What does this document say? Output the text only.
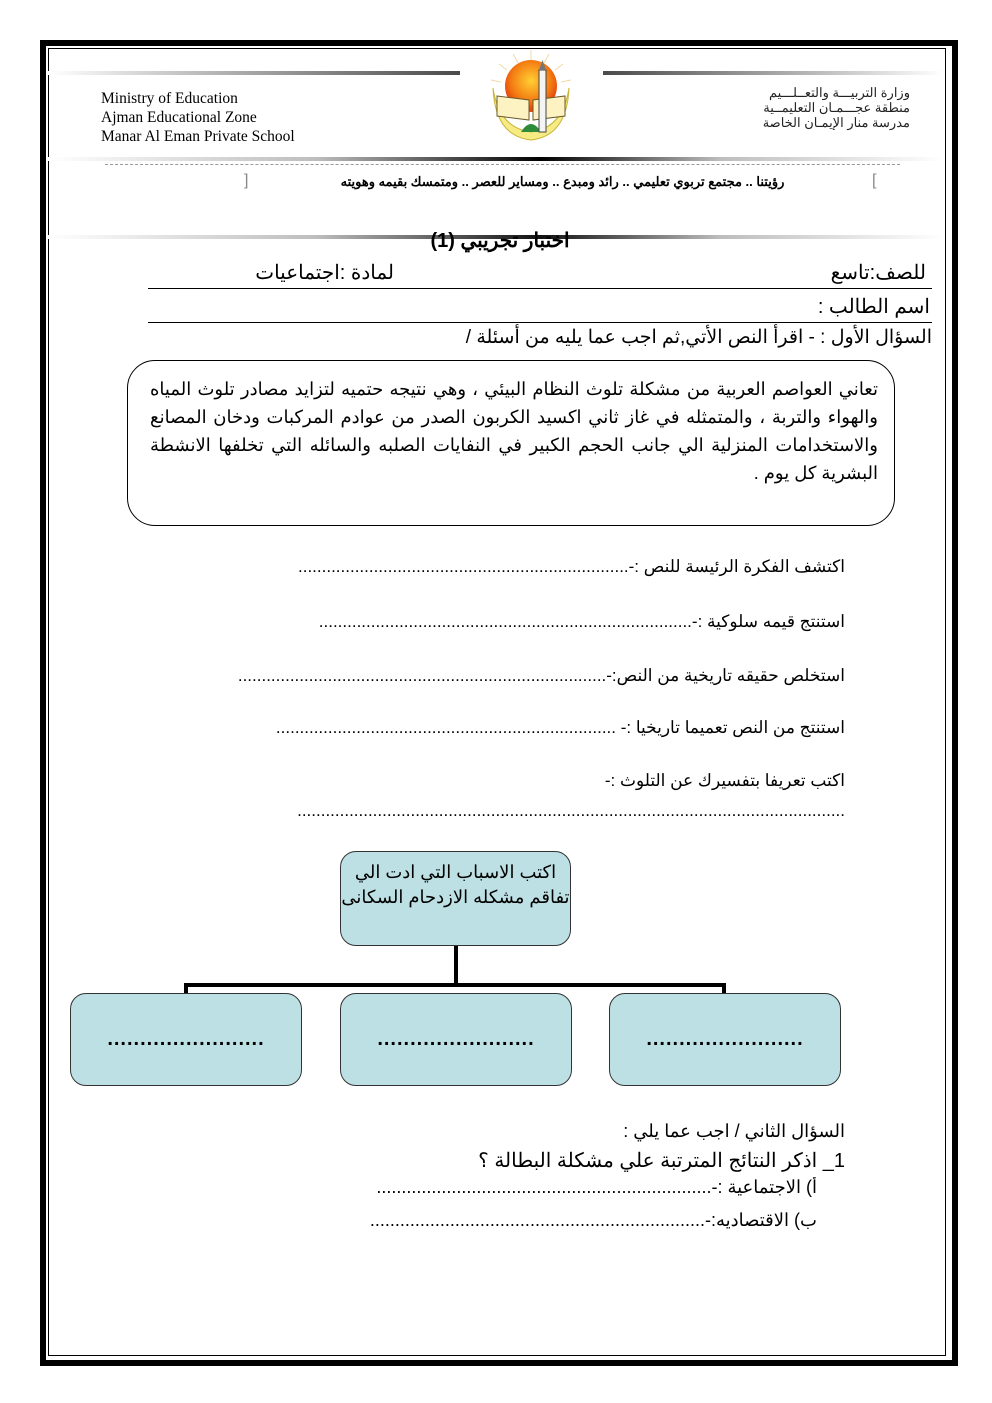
Ministry of Education
Ajman Educational Zone
Manar Al Eman Private School
وزارة التربيـــة والتعــلـــيم
منطقة عجـــمـان التعليمــية
مدرسة منار الإيمـان الخاصة
[
رؤيتنا .. مجتمع تربوي تعليمي .. رائد ومبدع .. ومساير للعصر .. ومتمسك بقيمه وهويته
]
اختبار تجريبي (1)
للصف:تاسع
لمادة :اجتماعيات
اسم الطالب :
السؤال الأول : - اقرأ النص الأتي,ثم اجب عما يليه من أسئلة /
تعاني العواصم العربية من مشكلة تلوث النظام البيئي ، وهي نتيجه حتميه لتزايد مصادر تلوث المياه والهواء والتربة ، والمتمثله في غاز ثاني اكسيد الكربون الصدر من عوادم المركبات ودخان المصانع والاستخدامات المنزلية الي جانب الحجم الكبير في النفايات الصلبه والسائله التي تخلفها الانشطة البشرية كل يوم .
اكتشف الفكرة الرئيسة للنص :-......................................................................
استنتج قيمه سلوكية :-...............................................................................
استخلص حقيقه تاريخية من النص:-..............................................................................
استنتج من النص تعميما تاريخيا :- ........................................................................
اكتب تعريفا بتفسيرك عن التلوث :-
....................................................................................................................
اكتب الاسباب التي ادت الي تفاقم مشكله الازدحام السكانى
........................	........................	........................
السؤال الثاني / اجب عما يلي :
1_ اذكر النتائج المترتبة علي مشكلة البطالة ؟
أ) الاجتماعية :-...................................................................
ب) الاقتصاديه:-...................................................................
